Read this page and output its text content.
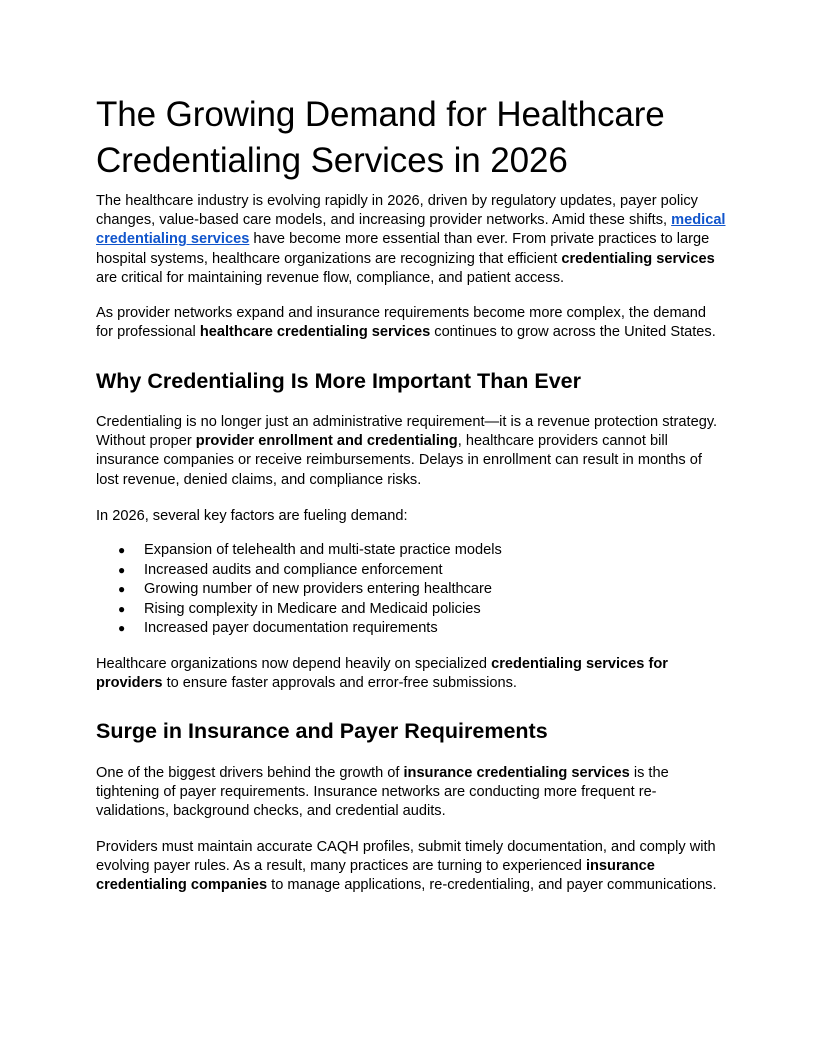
The Growing Demand for Healthcare Credentialing Services in 2026

The healthcare industry is evolving rapidly in 2026, driven by regulatory updates, payer policy changes, value-based care models, and increasing provider networks. Amid these shifts, medical credentialing services have become more essential than ever. From private practices to large hospital systems, healthcare organizations are recognizing that efficient credentialing services are critical for maintaining revenue flow, compliance, and patient access.

As provider networks expand and insurance requirements become more complex, the demand for professional healthcare credentialing services continues to grow across the United States.

Why Credentialing Is More Important Than Ever

Credentialing is no longer just an administrative requirement—it is a revenue protection strategy. Without proper provider enrollment and credentialing, healthcare providers cannot bill insurance companies or receive reimbursements. Delays in enrollment can result in months of lost revenue, denied claims, and compliance risks.

In 2026, several key factors are fueling demand:

● Expansion of telehealth and multi-state practice models
● Increased audits and compliance enforcement
● Growing number of new providers entering healthcare
● Rising complexity in Medicare and Medicaid policies
● Increased payer documentation requirements

Healthcare organizations now depend heavily on specialized credentialing services for providers to ensure faster approvals and error-free submissions.

Surge in Insurance and Payer Requirements

One of the biggest drivers behind the growth of insurance credentialing services is the tightening of payer requirements. Insurance networks are conducting more frequent re-validations, background checks, and credential audits.

Providers must maintain accurate CAQH profiles, submit timely documentation, and comply with evolving payer rules. As a result, many practices are turning to experienced insurance credentialing companies to manage applications, re-credentialing, and payer communications.
